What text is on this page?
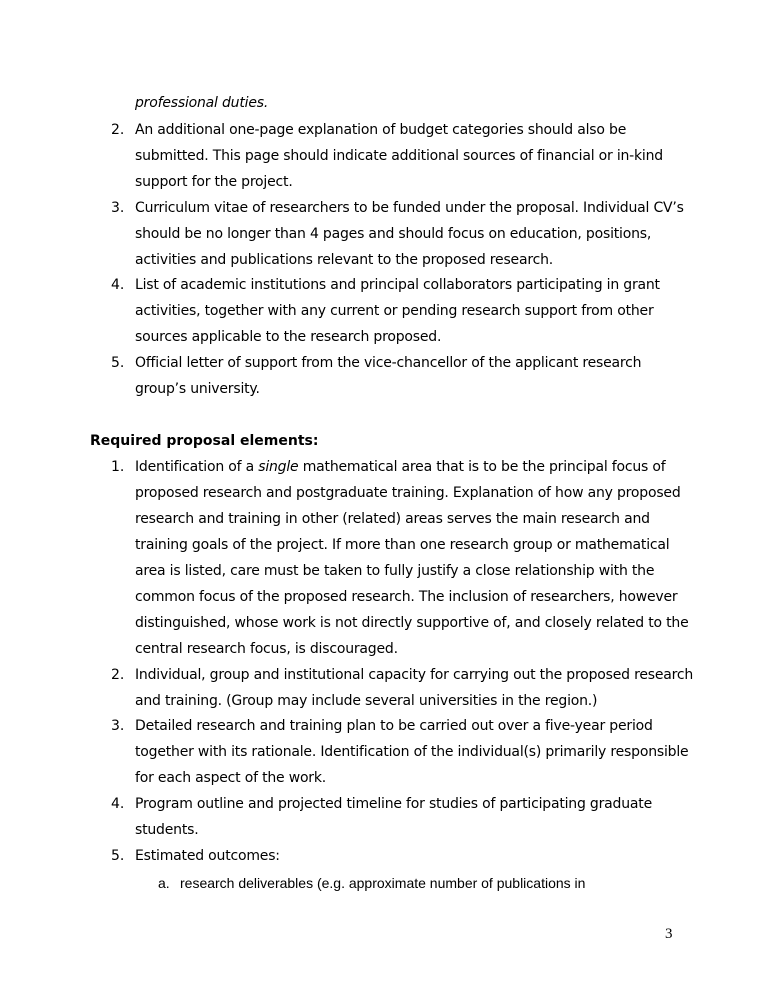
professional duties.
2. An additional one-page explanation of budget categories should also be submitted. This page should indicate additional sources of financial or in-kind support for the project.
3. Curriculum vitae of researchers to be funded under the proposal. Individual CV’s should be no longer than 4 pages and should focus on education, positions, activities and publications relevant to the proposed research.
4. List of academic institutions and principal collaborators participating in grant activities, together with any current or pending research support from other sources applicable to the research proposed.
5. Official letter of support from the vice-chancellor of the applicant research group’s university.
Required proposal elements:
1. Identification of a single mathematical area that is to be the principal focus of proposed research and postgraduate training. Explanation of how any proposed research and training in other (related) areas serves the main research and training goals of the project. If more than one research group or mathematical area is listed, care must be taken to fully justify a close relationship with the common focus of the proposed research. The inclusion of researchers, however distinguished, whose work is not directly supportive of, and closely related to the central research focus, is discouraged.
2. Individual, group and institutional capacity for carrying out the proposed research and training. (Group may include several universities in the region.)
3. Detailed research and training plan to be carried out over a five-year period together with its rationale. Identification of the individual(s) primarily responsible for each aspect of the work.
4. Program outline and projected timeline for studies of participating graduate students.
5. Estimated outcomes:
a. research deliverables (e.g. approximate number of publications in
3
